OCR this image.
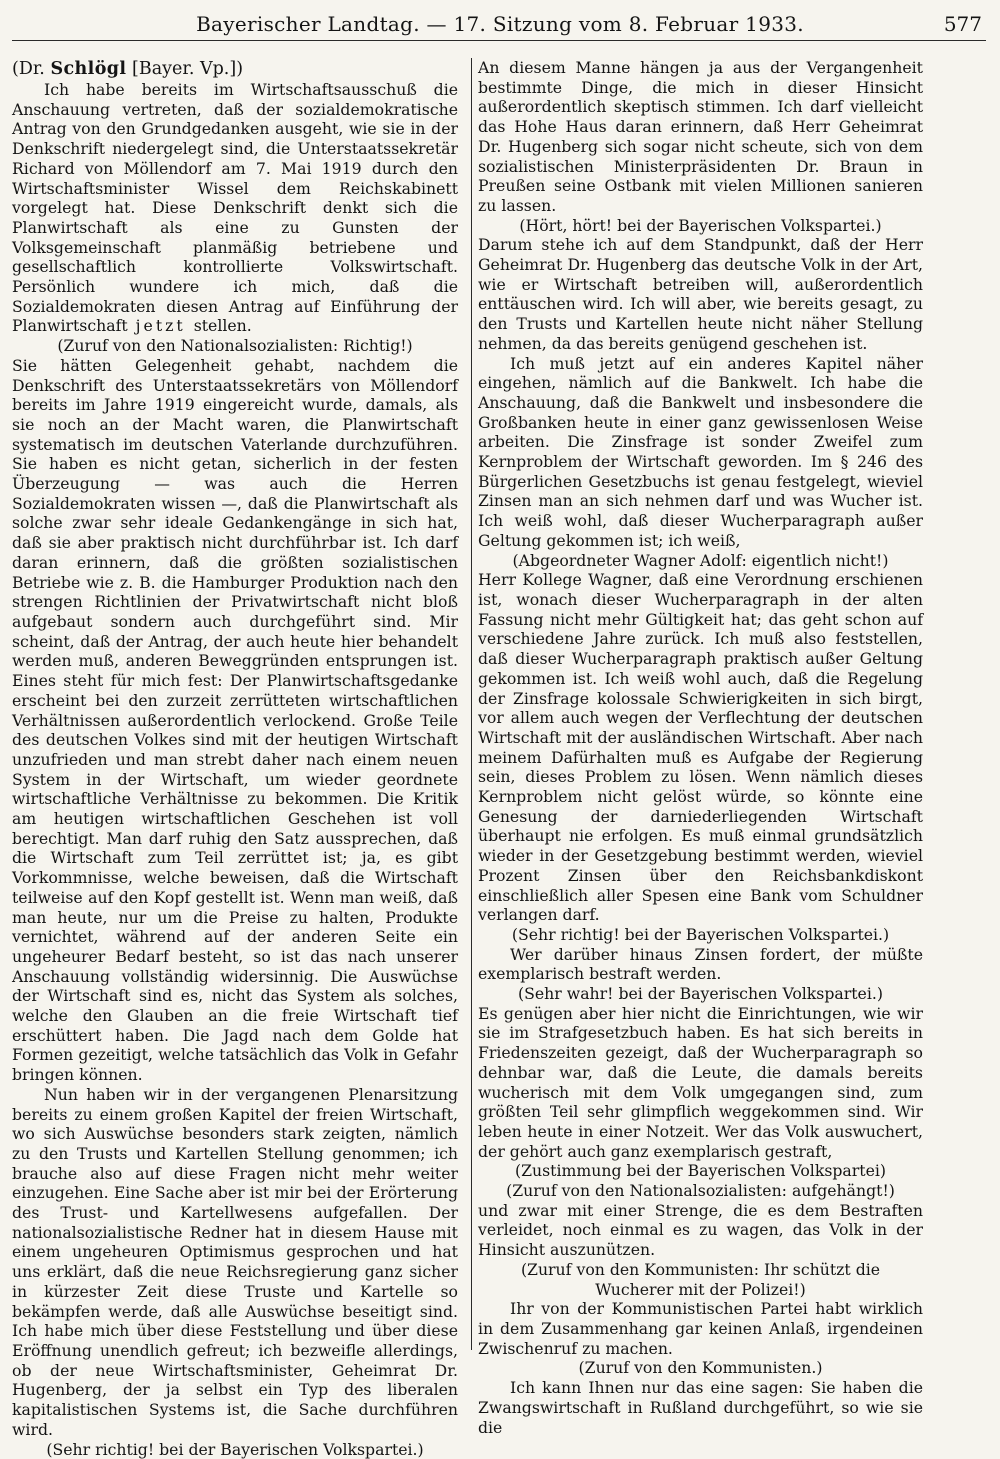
Bayerischer Landtag. — 17. Sitzung vom 8. Februar 1933.	577

(Dr. Schlögl [Bayer. Vp.])

Ich habe bereits im Wirtschaftsausschuß die Anschauung vertreten, daß der sozialdemokratische Antrag von den Grundgedanken ausgeht, wie sie in der Denkschrift niedergelegt sind, die Unterstaatssekretär Richard von Möllendorf am 7. Mai 1919 durch den Wirtschaftsminister Wissel dem Reichskabinett vorgelegt hat. Diese Denkschrift denkt sich die Planwirtschaft als eine zu Gunsten der Volksgemeinschaft planmäßig betriebene und gesellschaftlich kontrollierte Volkswirtschaft. Persönlich wundere ich mich, daß die Sozialdemokraten diesen Antrag auf Einführung der Planwirtschaft jetzt stellen.

(Zuruf von den Nationalsozialisten: Richtig!)

Sie hätten Gelegenheit gehabt, nachdem die Denkschrift des Unterstaatssekretärs von Möllendorf bereits im Jahre 1919 eingereicht wurde, damals, als sie noch an der Macht waren, die Planwirtschaft systematisch im deutschen Vaterlande durchzuführen. Sie haben es nicht getan, sicherlich in der festen Überzeugung — was auch die Herren Sozialdemokraten wissen —, daß die Planwirtschaft als solche zwar sehr ideale Gedankengänge in sich hat, daß sie aber praktisch nicht durchführbar ist. Ich darf daran erinnern, daß die größten sozialistischen Betriebe wie z. B. die Hamburger Produktion nach den strengen Richtlinien der Privatwirtschaft nicht bloß aufgebaut sondern auch durchgeführt sind. Mir scheint, daß der Antrag, der auch heute hier behandelt werden muß, anderen Beweggründen entsprungen ist. Eines steht für mich fest: Der Planwirtschaftsgedanke erscheint bei den zurzeit zerrütteten wirtschaftlichen Verhältnissen außerordentlich verlockend. Große Teile des deutschen Volkes sind mit der heutigen Wirtschaft unzufrieden und man strebt daher nach einem neuen System in der Wirtschaft, um wieder geordnete wirtschaftliche Verhältnisse zu bekommen. Die Kritik am heutigen wirtschaftlichen Geschehen ist voll berechtigt. Man darf ruhig den Satz aussprechen, daß die Wirtschaft zum Teil zerrüttet ist; ja, es gibt Vorkommnisse, welche beweisen, daß die Wirtschaft teilweise auf den Kopf gestellt ist. Wenn man weiß, daß man heute, nur um die Preise zu halten, Produkte vernichtet, während auf der anderen Seite ein ungeheurer Bedarf besteht, so ist das nach unserer Anschauung vollständig widersinnig. Die Auswüchse der Wirtschaft sind es, nicht das System als solches, welche den Glauben an die freie Wirtschaft tief erschüttert haben. Die Jagd nach dem Golde hat Formen gezeitigt, welche tatsächlich das Volk in Gefahr bringen können.

Nun haben wir in der vergangenen Plenarsitzung bereits zu einem großen Kapitel der freien Wirtschaft, wo sich Auswüchse besonders stark zeigten, nämlich zu den Trusts und Kartellen Stellung genommen; ich brauche also auf diese Fragen nicht mehr weiter einzugehen. Eine Sache aber ist mir bei der Erörterung des Trust- und Kartellwesens aufgefallen. Der nationalsozialistische Redner hat in diesem Hause mit einem ungeheuren Optimismus gesprochen und hat uns erklärt, daß die neue Reichsregierung ganz sicher in kürzester Zeit diese Truste und Kartelle so bekämpfen werde, daß alle Auswüchse beseitigt sind. Ich habe mich über diese Feststellung und über diese Eröffnung unendlich gefreut; ich bezweifle allerdings, ob der neue Wirtschaftsminister, Geheimrat Dr. Hugenberg, der ja selbst ein Typ des liberalen kapitalistischen Systems ist, die Sache durchführen wird.

(Sehr richtig! bei der Bayerischen Volkspartei.)

An diesem Manne hängen ja aus der Vergangenheit bestimmte Dinge, die mich in dieser Hinsicht außerordentlich skeptisch stimmen. Ich darf vielleicht das Hohe Haus daran erinnern, daß Herr Geheimrat Dr. Hugenberg sich sogar nicht scheute, sich von dem sozialistischen Ministerpräsidenten Dr. Braun in Preußen seine Ostbank mit vielen Millionen sanieren zu lassen.

(Hört, hört! bei der Bayerischen Volkspartei.)

Darum stehe ich auf dem Standpunkt, daß der Herr Geheimrat Dr. Hugenberg das deutsche Volk in der Art, wie er Wirtschaft betreiben will, außerordentlich enttäuschen wird. Ich will aber, wie bereits gesagt, zu den Trusts und Kartellen heute nicht näher Stellung nehmen, da das bereits genügend geschehen ist.

Ich muß jetzt auf ein anderes Kapitel näher eingehen, nämlich auf die Bankwelt. Ich habe die Anschauung, daß die Bankwelt und insbesondere die Großbanken heute in einer ganz gewissenlosen Weise arbeiten. Die Zinsfrage ist sonder Zweifel zum Kernproblem der Wirtschaft geworden. Im § 246 des Bürgerlichen Gesetzbuchs ist genau festgelegt, wieviel Zinsen man an sich nehmen darf und was Wucher ist. Ich weiß wohl, daß dieser Wucherparagraph außer Geltung gekommen ist; ich weiß,

(Abgeordneter Wagner Adolf: eigentlich nicht!)

Herr Kollege Wagner, daß eine Verordnung erschienen ist, wonach dieser Wucherparagraph in der alten Fassung nicht mehr Gültigkeit hat; das geht schon auf verschiedene Jahre zurück. Ich muß also feststellen, daß dieser Wucherparagraph praktisch außer Geltung gekommen ist. Ich weiß wohl auch, daß die Regelung der Zinsfrage kolossale Schwierigkeiten in sich birgt, vor allem auch wegen der Verflechtung der deutschen Wirtschaft mit der ausländischen Wirtschaft. Aber nach meinem Dafürhalten muß es Aufgabe der Regierung sein, dieses Problem zu lösen. Wenn nämlich dieses Kernproblem nicht gelöst würde, so könnte eine Genesung der darniederliegenden Wirtschaft überhaupt nie erfolgen. Es muß einmal grundsätzlich wieder in der Gesetzgebung bestimmt werden, wieviel Prozent Zinsen über den Reichsbankdiskont einschließlich aller Spesen eine Bank vom Schuldner verlangen darf.

(Sehr richtig! bei der Bayerischen Volkspartei.)

Wer darüber hinaus Zinsen fordert, der müßte exemplarisch bestraft werden.

(Sehr wahr! bei der Bayerischen Volkspartei.)

Es genügen aber hier nicht die Einrichtungen, wie wir sie im Strafgesetzbuch haben. Es hat sich bereits in Friedenszeiten gezeigt, daß der Wucherparagraph so dehnbar war, daß die Leute, die damals bereits wucherisch mit dem Volk umgegangen sind, zum größten Teil sehr glimpflich weggekommen sind. Wir leben heute in einer Notzeit. Wer das Volk auswuchert, der gehört auch ganz exemplarisch gestraft,

(Zustimmung bei der Bayerischen Volkspartei)

(Zuruf von den Nationalsozialisten: aufgehängt!)

und zwar mit einer Strenge, die es dem Bestraften verleidet, noch einmal es zu wagen, das Volk in der Hinsicht auszunützen.

(Zuruf von den Kommunisten: Ihr schützt die Wucherer mit der Polizei!)

Ihr von der Kommunistischen Partei habt wirklich in dem Zusammenhang gar keinen Anlaß, irgendeinen Zwischenruf zu machen.

(Zuruf von den Kommunisten.)

Ich kann Ihnen nur das eine sagen: Sie haben die Zwangswirtschaft in Rußland durchgeführt, so wie sie die
